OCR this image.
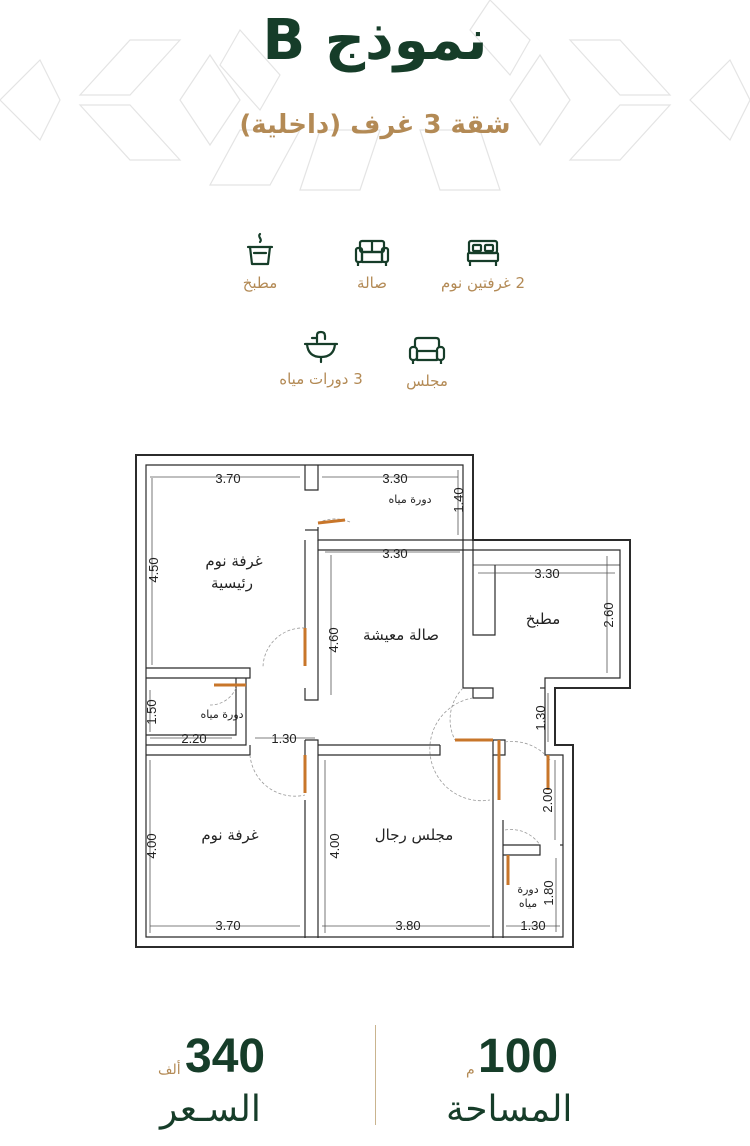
نموذج B
شقة 3 غرف (داخلية)
2 غرفتين نوم
صالة
مطبخ
مجلس
3 دورات مياه
3.70	3.30
1.40
3.30
3.30
2.60
4.50
4.60
1.50
2.20	1.30
1.30
2.00
1.80
1.30
4.00
3.70
4.00
3.80
غرفة نوم
رئيسية
صالة معيشة
مطبخ
دورة مياه
دورة مياه
دورة
مياه
غرفة نوم	مجلس رجال
340
ألف
السـعر
100
م
المساحة
